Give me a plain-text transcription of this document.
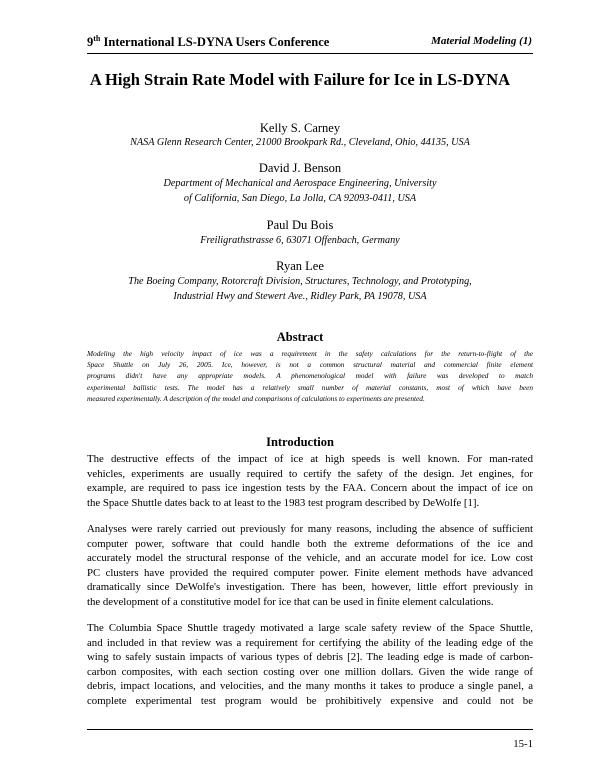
9th International LS-DYNA Users Conference	Material Modeling (1)
A High Strain Rate Model with Failure for Ice in LS-DYNA
Kelly S. Carney
NASA Glenn Research Center, 21000 Brookpark Rd., Cleveland, Ohio, 44135, USA
David J. Benson
Department of Mechanical and Aerospace Engineering, University
of California, San Diego, La Jolla, CA 92093-0411, USA
Paul Du Bois
Freiligrathstrasse 6, 63071 Offenbach, Germany
Ryan Lee
The Boeing Company, Rotorcraft Division, Structures, Technology, and Prototyping,
Industrial Hwy and Stewert Ave., Ridley Park, PA 19078, USA
Abstract
Modeling the high velocity impact of ice was a requirement in the safety calculations for the return-to-flight of the
Space Shuttle on July 26, 2005. Ice, however, is not a common structural material and commercial finite element
programs didn't have any appropriate models. A phenomenological model with failure was developed to match
experimental ballistic tests. The model has a relatively small number of material constants, most of which have been
measured experimentally. A description of the model and comparisons of calculations to experiments are presented.
Introduction
The destructive effects of the impact of ice at high speeds is well known. For man-rated
vehicles, experiments are usually required to certify the safety of the design. Jet engines, for
example, are required to pass ice ingestion tests by the FAA. Concern about the impact of ice on
the Space Shuttle dates back to at least to the 1983 test program described by DeWolfe [1].
Analyses were rarely carried out previously for many reasons, including the absence of sufficient
computer power, software that could handle both the extreme deformations of the ice and
accurately model the structural response of the vehicle, and an accurate model for ice. Low cost
PC clusters have provided the required computer power. Finite element methods have advanced
dramatically since DeWolfe's investigation. There has been, however, little effort previously in
the development of a constitutive model for ice that can be used in finite element calculations.
The Columbia Space Shuttle tragedy motivated a large scale safety review of the Space Shuttle,
and included in that review was a requirement for certifying the ability of the leading edge of the
wing to safely sustain impacts of various types of debris [2]. The leading edge is made of carbon-
carbon composites, with each section costing over one million dollars. Given the wide range of
debris, impact locations, and velocities, and the many months it takes to produce a single panel, a
complete experimental test program would be prohibitively expensive and could not be
15-1
